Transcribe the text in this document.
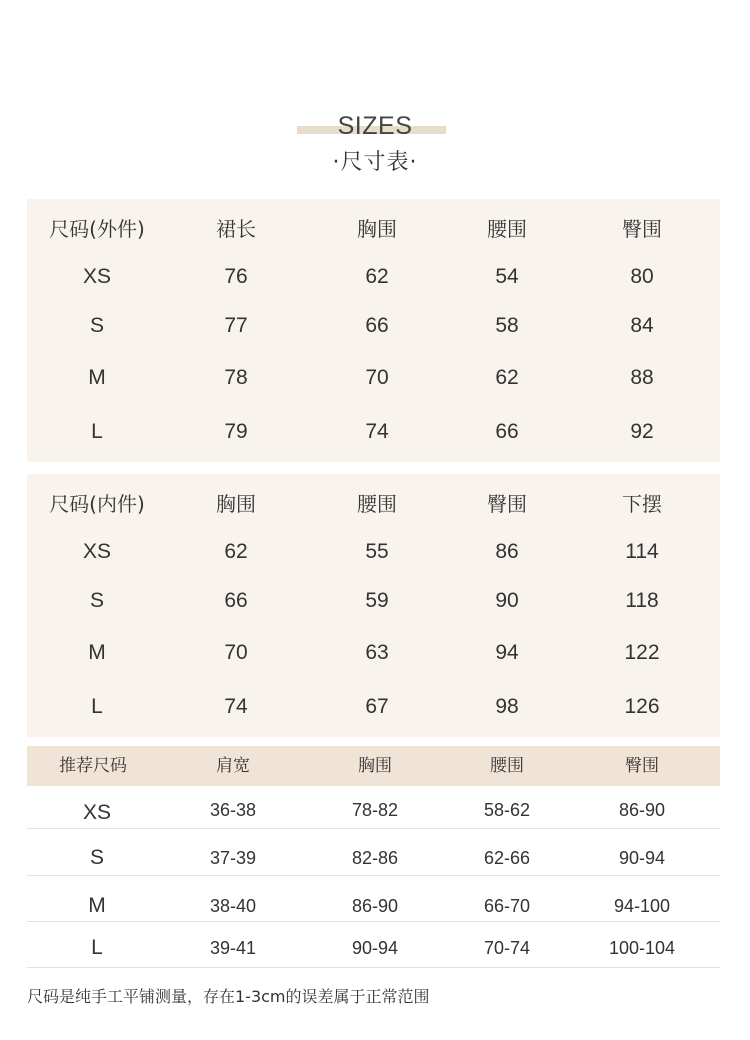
SIZES
·尺寸表·
尺码(外件)	裙长	胸围	腰围	臀围
XS	76	62	54	80
S	77	66	58	84
M	78	70	62	88
L	79	74	66	92
尺码(内件)	胸围	腰围	臀围	下摆
XS	62	55	86	114
S	66	59	90	118
M	70	63	94	122
L	74	67	98	126
推荐尺码	肩宽	胸围	腰围	臀围
XS	36-38	78-82	58-62	86-90
S	37-39	82-86	62-66	90-94
M	38-40	86-90	66-70	94-100
L	39-41	90-94	70-74	100-104
尺码是纯手工平铺测量，存在1-3cm的误差属于正常范围
